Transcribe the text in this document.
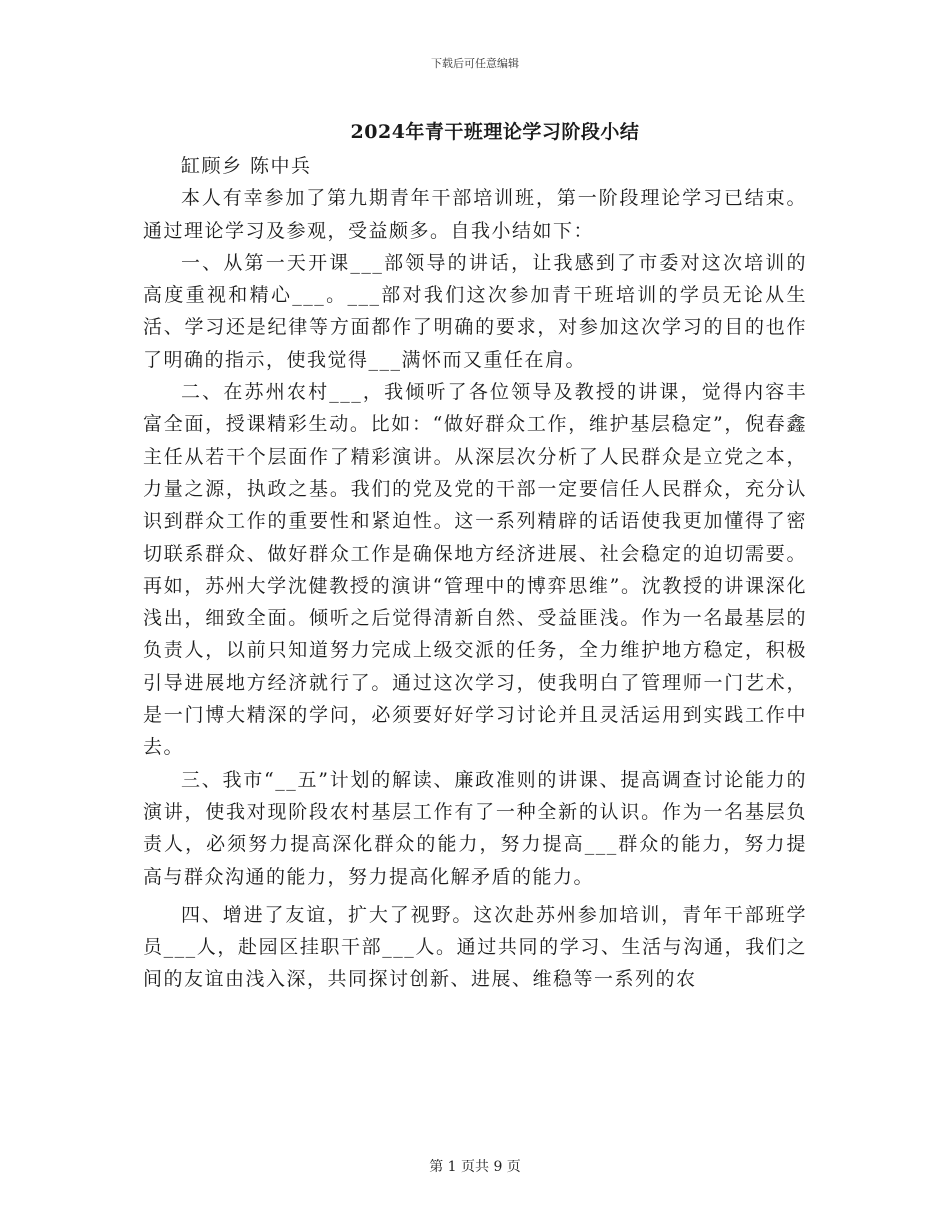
下载后可任意编辑
2024年青干班理论学习阶段小结

缸顾乡 陈中兵

本人有幸参加了第九期青年干部培训班，第一阶段理论学习已结束。通过理论学习及参观，受益颇多。自我小结如下：

一、从第一天开课___部领导的讲话，让我感到了市委对这次培训的高度重视和精心___。___部对我们这次参加青干班培训的学员无论从生活、学习还是纪律等方面都作了明确的要求，对参加这次学习的目的也作了明确的指示，使我觉得___满怀而又重任在肩。

二、在苏州农村___，我倾听了各位领导及教授的讲课，觉得内容丰富全面，授课精彩生动。比如：“做好群众工作，维护基层稳定”，倪春鑫主任从若干个层面作了精彩演讲。从深层次分析了人民群众是立党之本，力量之源，执政之基。我们的党及党的干部一定要信任人民群众，充分认识到群众工作的重要性和紧迫性。这一系列精辟的话语使我更加懂得了密切联系群众、做好群众工作是确保地方经济进展、社会稳定的迫切需要。再如，苏州大学沈健教授的演讲“管理中的博弈思维”。沈教授的讲课深化浅出，细致全面。倾听之后觉得清新自然、受益匪浅。作为一名最基层的负责人，以前只知道努力完成上级交派的任务，全力维护地方稳定，积极引导进展地方经济就行了。通过这次学习，使我明白了管理师一门艺术，是一门博大精深的学问，必须要好好学习讨论并且灵活运用到实践工作中去。

三、我市“__五”计划的解读、廉政准则的讲课、提高调查讨论能力的演讲，使我对现阶段农村基层工作有了一种全新的认识。作为一名基层负责人，必须努力提高深化群众的能力，努力提高___群众的能力，努力提高与群众沟通的能力，努力提高化解矛盾的能力。

四、增进了友谊，扩大了视野。这次赴苏州参加培训，青年干部班学员___人，赴园区挂职干部___人。通过共同的学习、生活与沟通，我们之间的友谊由浅入深，共同探讨创新、进展、维稳等一系列的农

第 1 页共 9 页
